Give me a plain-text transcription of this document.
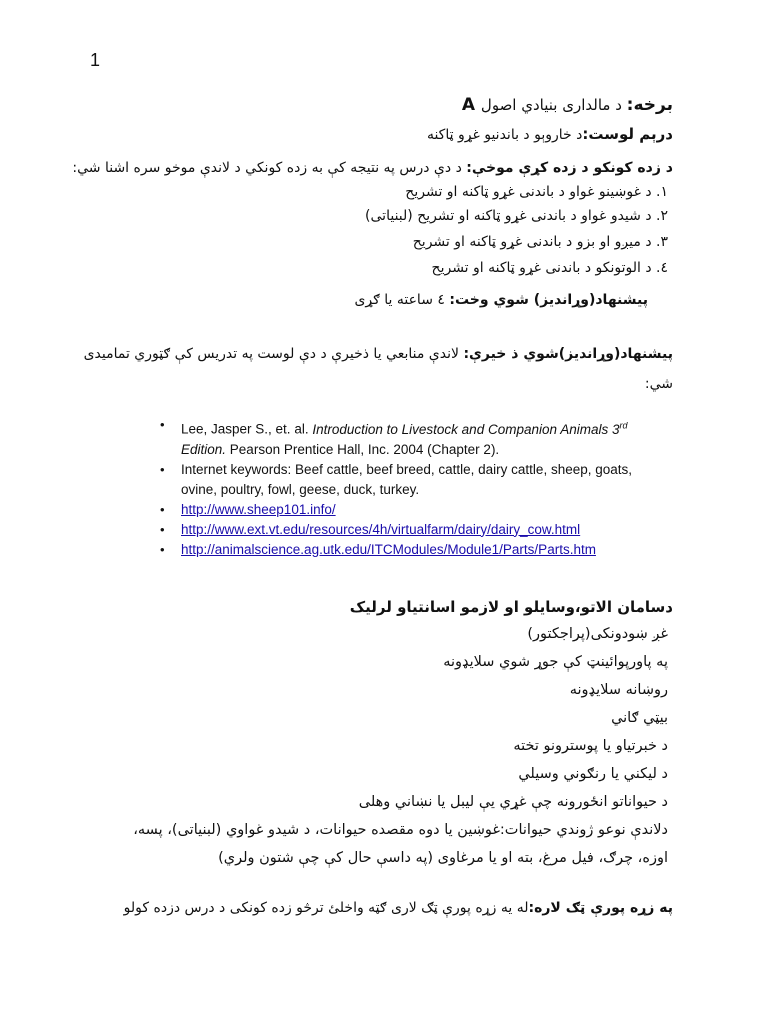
1
A برخه: د مالداری بنیادي اصول
درېم لوست:د خاروېو د باندنیو غړو ټاکنه
د زده کونکو د زده کړې موخې: د دې درس په نتیجه کې به زده کونکي د لاندې موخو سره اشنا شي:
١. د غوښینو غواو د باندنی غړو ټاکنه او تشریح
٢. د شیدو غواو د باندنی غړو ټاکنه او تشریح (لبنیاتی)
٣. د میږو او بزو د باندنی غړو ټاکنه او تشریح
٤. د الوتونکو د باندنی غړو ټاکنه او تشریح
پیشنهاد(وړاندیز) شوي وخت: ٤ ساعته یا ګړی
پیشنهاد(وړاندیز)شوي ذ خیرې: لاندې منابعي یا ذخیرې د دې لوست په تدریس کې ګټوري تماميدی
شي:
• Lee, Jasper S., et. al. Introduction to Livestock and Companion Animals 3rd Edition. Pearson Prentice Hall, Inc. 2004 (Chapter 2).
• Internet keywords: Beef cattle, beef breed, cattle, dairy cattle, sheep, goats, ovine, poultry, fowl, geese, duck, turkey.
• http://www.sheep101.info/
• http://www.ext.vt.edu/resources/4h/virtualfarm/dairy/dairy_cow.html
• http://animalscience.ag.utk.edu/ITCModules/Module1/Parts/Parts.htm
دسامان الاتو،وسایلو او لازمو اسانتیاو لرلیک
غږ ښودونکی(پراجکتور)
په پاورپوائینټ کې جوړ شوي سلایډونه
روښانه سلایډونه
بیټي ګاني
د خبرتیاو یا پوسترونو تخته
د لیکني یا رنګوني وسیلي
د حیواناتو انځورونه چې غړي یې لیبل یا نښاني وهلی
دلاندې نوعو ژوندي حیوانات:غوښین یا دوه مقصده حیوانات، د شیدو غواوي (لبنیاتی)، پسه،
اوزه، چرګ، فیل مرغ، بته او یا مرغاوی (په داسې حال کې چې شتون ولري)
په زړه پورې ټګ لاره:له یه زړه پورې ټګ لاری ګټه واخلئ ترڅو زده کونکی د درس دزده کولو
